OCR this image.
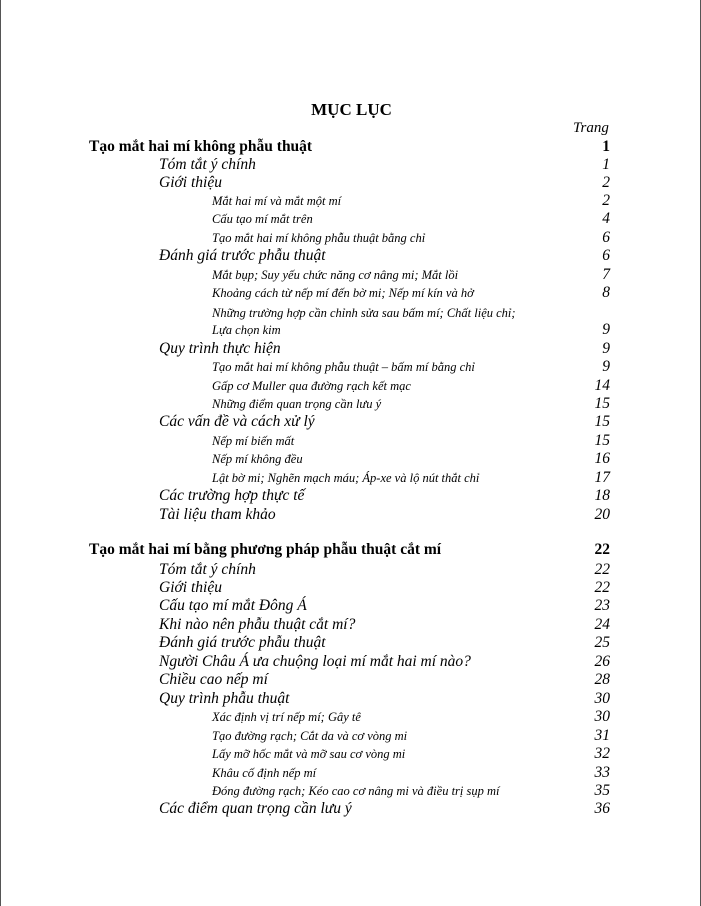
MỤC LỤC
Trang
Tạo mắt hai mí không phẫu thuật	1
Tóm tắt ý chính	1
Giới thiệu	2
Mắt hai mí và mắt một mí	2
Cấu tạo mí mắt trên	4
Tạo mắt hai mí không phẫu thuật bằng chỉ	6
Đánh giá trước phẫu thuật	6
Mắt bụp; Suy yếu chức năng cơ nâng mi; Mắt lồi	7
Khoảng cách từ nếp mí đến bờ mi; Nếp mí kín và hở	8
Những trường hợp cần chỉnh sửa sau bấm mí; Chất liệu chỉ;
Lựa chọn kim	9
Quy trình thực hiện	9
Tạo mắt hai mí không phẫu thuật – bấm mí bằng chỉ	9
Gấp cơ Muller qua đường rạch kết mạc	14
Những điểm quan trọng cần lưu ý	15
Các vấn đề và cách xử lý	15
Nếp mí biến mất	15
Nếp mí không đều	16
Lật bờ mi; Nghẽn mạch máu; Áp-xe và lộ nút thắt chỉ	17
Các trường hợp thực tế	18
Tài liệu tham khảo	20
Tạo mắt hai mí bằng phương pháp phẫu thuật cắt mí	22
Tóm tắt ý chính	22
Giới thiệu	22
Cấu tạo mí mắt Đông Á	23
Khi nào nên phẫu thuật cắt mí?	24
Đánh giá trước phẫu thuật	25
Người Châu Á ưa chuộng loại mí mắt hai mí nào?	26
Chiều cao nếp mí	28
Quy trình phẫu thuật	30
Xác định vị trí nếp mí; Gây tê	30
Tạo đường rạch; Cắt da và cơ vòng mi	31
Lấy mỡ hốc mắt và mỡ sau cơ vòng mi	32
Khâu cố định nếp mí	33
Đóng đường rạch; Kéo cao cơ nâng mi và điều trị sụp mí	35
Các điểm quan trọng cần lưu ý	36
